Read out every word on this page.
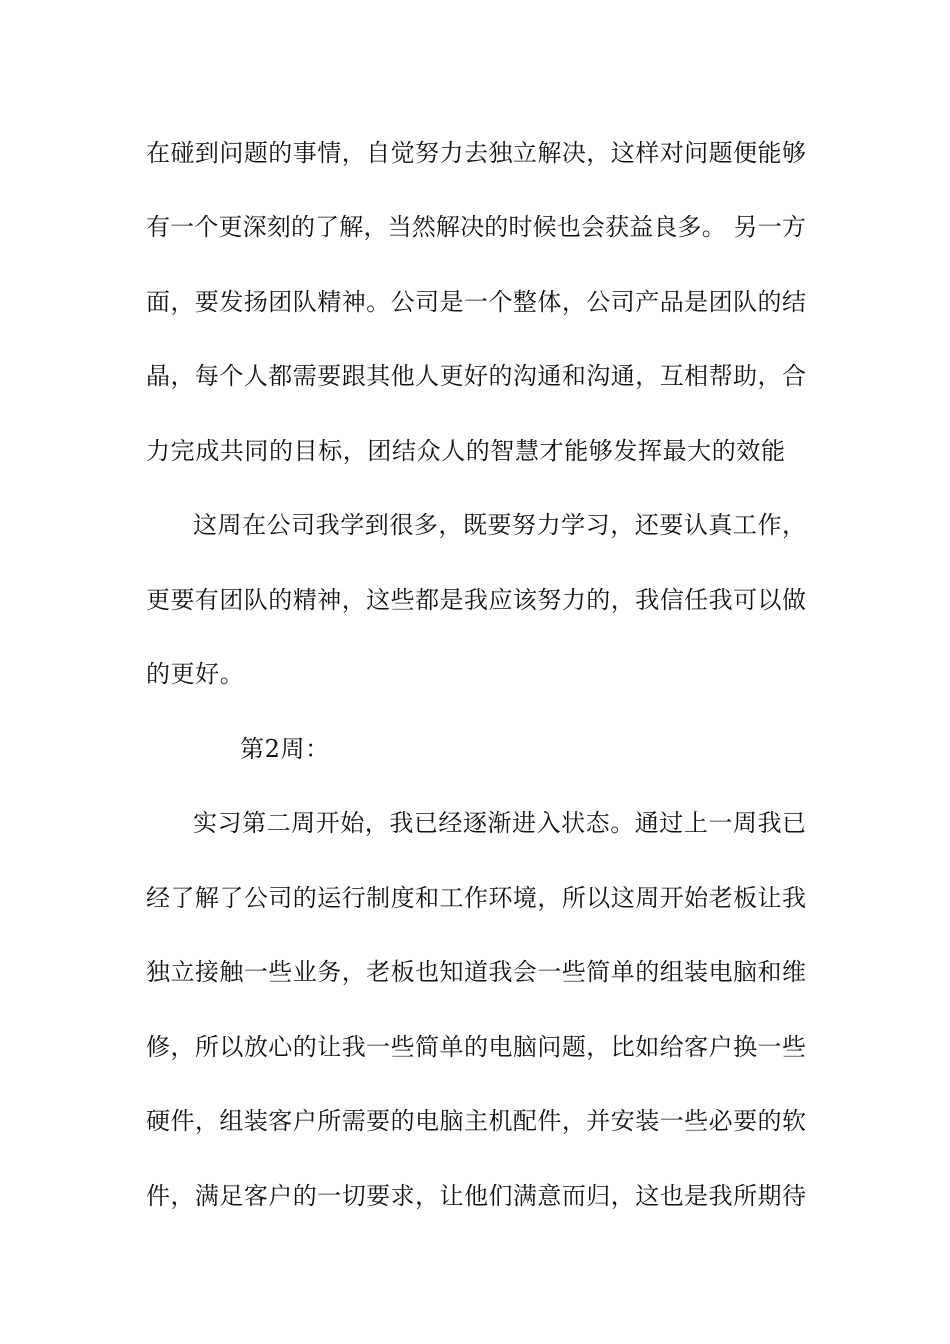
在碰到问题的事情，自觉努力去独立解决，这样对问题便能够
有一个更深刻的了解，当然解决的时候也会获益良多。 另一方
面，要发扬团队精神。公司是一个整体，公司产品是团队的结
晶，每个人都需要跟其他人更好的沟通和沟通，互相帮助，合
力完成共同的目标，团结众人的智慧才能够发挥最大的效能
这周在公司我学到很多，既要努力学习，还要认真工作，
更要有团队的精神，这些都是我应该努力的，我信任我可以做
的更好。
第2周：
实习第二周开始，我已经逐渐进入状态。通过上一周我已
经了解了公司的运行制度和工作环境，所以这周开始老板让我
独立接触一些业务，老板也知道我会一些简单的组装电脑和维
修，所以放心的让我一些简单的电脑问题，比如给客户换一些
硬件，组装客户所需要的电脑主机配件，并安装一些必要的软
件，满足客户的一切要求，让他们满意而归，这也是我所期待
